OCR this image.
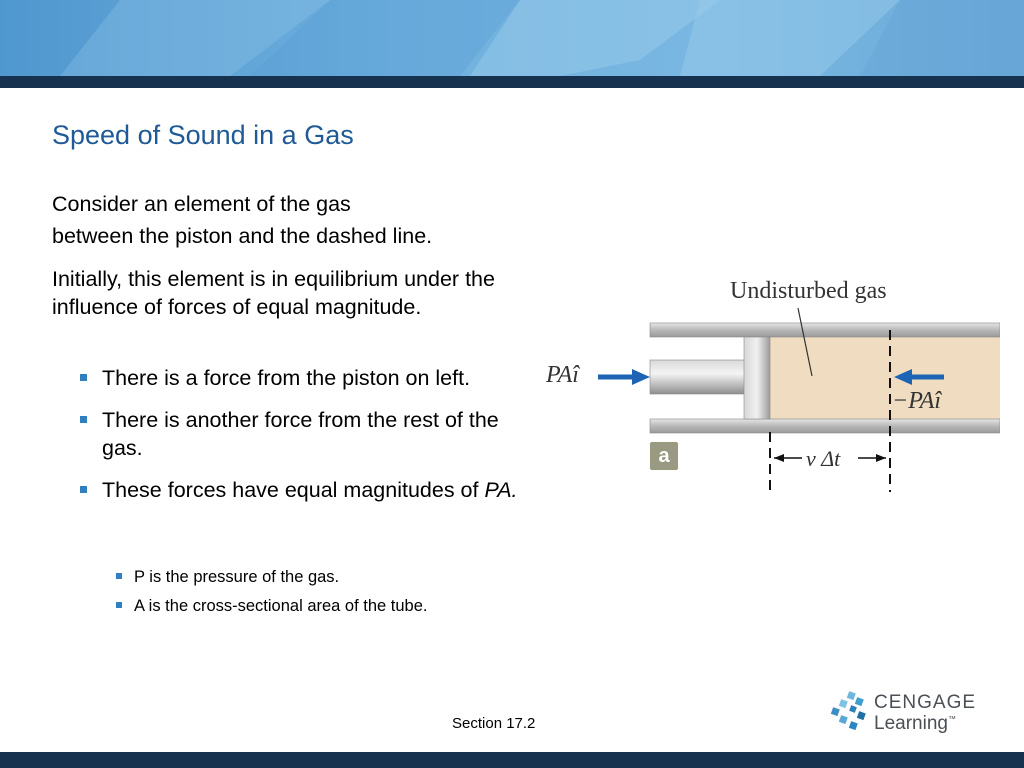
Speed of Sound in a Gas
Consider an element of the gas
between the piston and the dashed line.
Initially, this element is in equilibrium under the influence of forces of equal magnitude.
There is a force from the piston on left.
There is another force from the rest of the gas.
These forces have equal magnitudes of PA.
P is the pressure of the gas.
A is the cross-sectional area of the tube.
Undisturbed gas
PAî
−PAî
v Δt
a
Section 17.2
CENGAGE
Learning™
